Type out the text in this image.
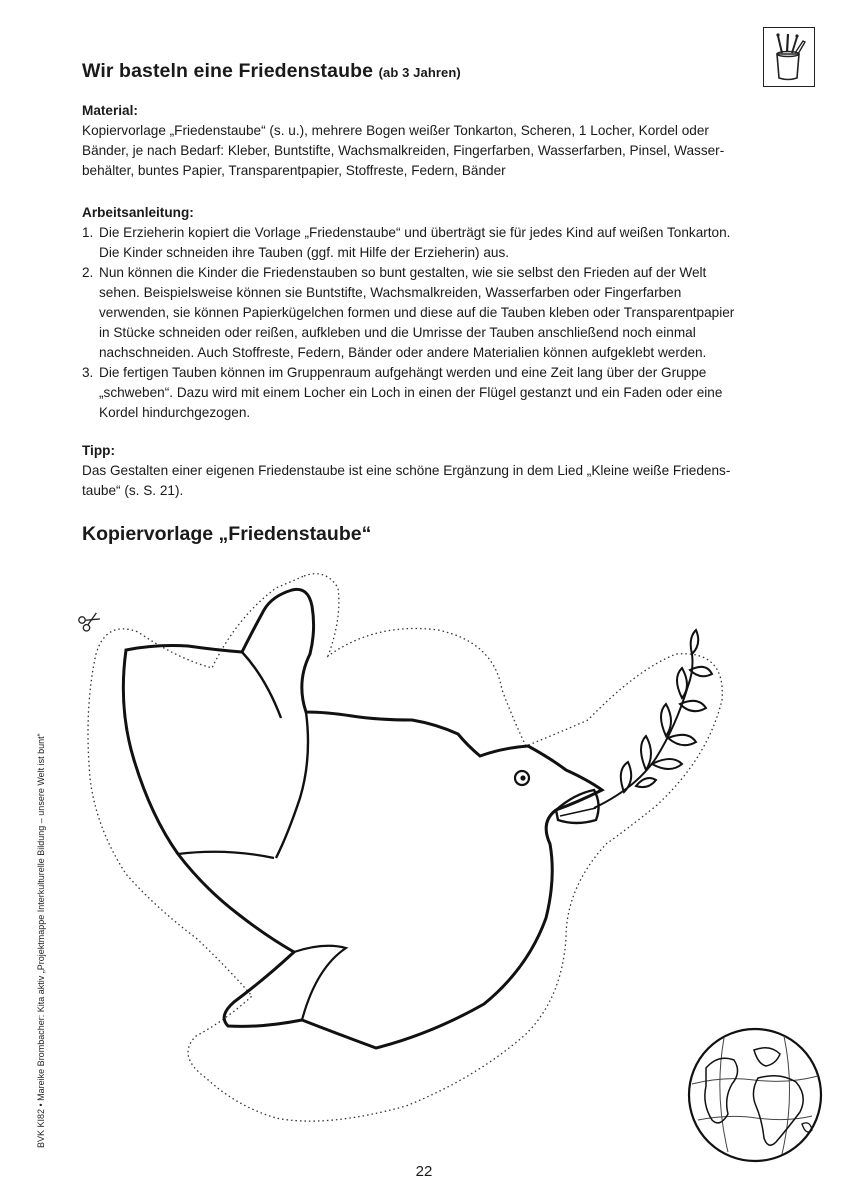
BVK KI82 • Mareike Brombacher: Kita aktiv „Projektmappe Interkulturelle Bildung – unsere Welt ist bunt“
Wir basteln eine Friedenstaube (ab 3 Jahren)
Material:
Kopiervorlage „Friedenstaube“ (s. u.), mehrere Bogen weißer Tonkarton, Scheren, 1 Locher, Kordel oder
Bänder, je nach Bedarf: Kleber, Buntstifte, Wachsmalkreiden, Fingerfarben, Wasserfarben, Pinsel, Wasser-
behälter, buntes Papier, Transparentpapier, Stoffreste, Federn, Bänder
Arbeitsanleitung:
1. Die Erzieherin kopiert die Vorlage „Friedenstaube“ und überträgt sie für jedes Kind auf weißen Tonkarton.
Die Kinder schneiden ihre Tauben (ggf. mit Hilfe der Erzieherin) aus.
2. Nun können die Kinder die Friedenstauben so bunt gestalten, wie sie selbst den Frieden auf der Welt
sehen. Beispielsweise können sie Buntstifte, Wachsmalkreiden, Wasserfarben oder Fingerfarben
verwenden, sie können Papierkügelchen formen und diese auf die Tauben kleben oder Transparentpapier
in Stücke schneiden oder reißen, aufkleben und die Umrisse der Tauben anschließend noch einmal
nachschneiden. Auch Stoffreste, Federn, Bänder oder andere Materialien können aufgeklebt werden.
3. Die fertigen Tauben können im Gruppenraum aufgehängt werden und eine Zeit lang über der Gruppe
„schweben“. Dazu wird mit einem Locher ein Loch in einen der Flügel gestanzt und ein Faden oder eine
Kordel hindurchgezogen.
Tipp:
Das Gestalten einer eigenen Friedenstaube ist eine schöne Ergänzung in dem Lied „Kleine weiße Friedens-
taube“ (s. S. 21).
Kopiervorlage „Friedenstaube“
22
